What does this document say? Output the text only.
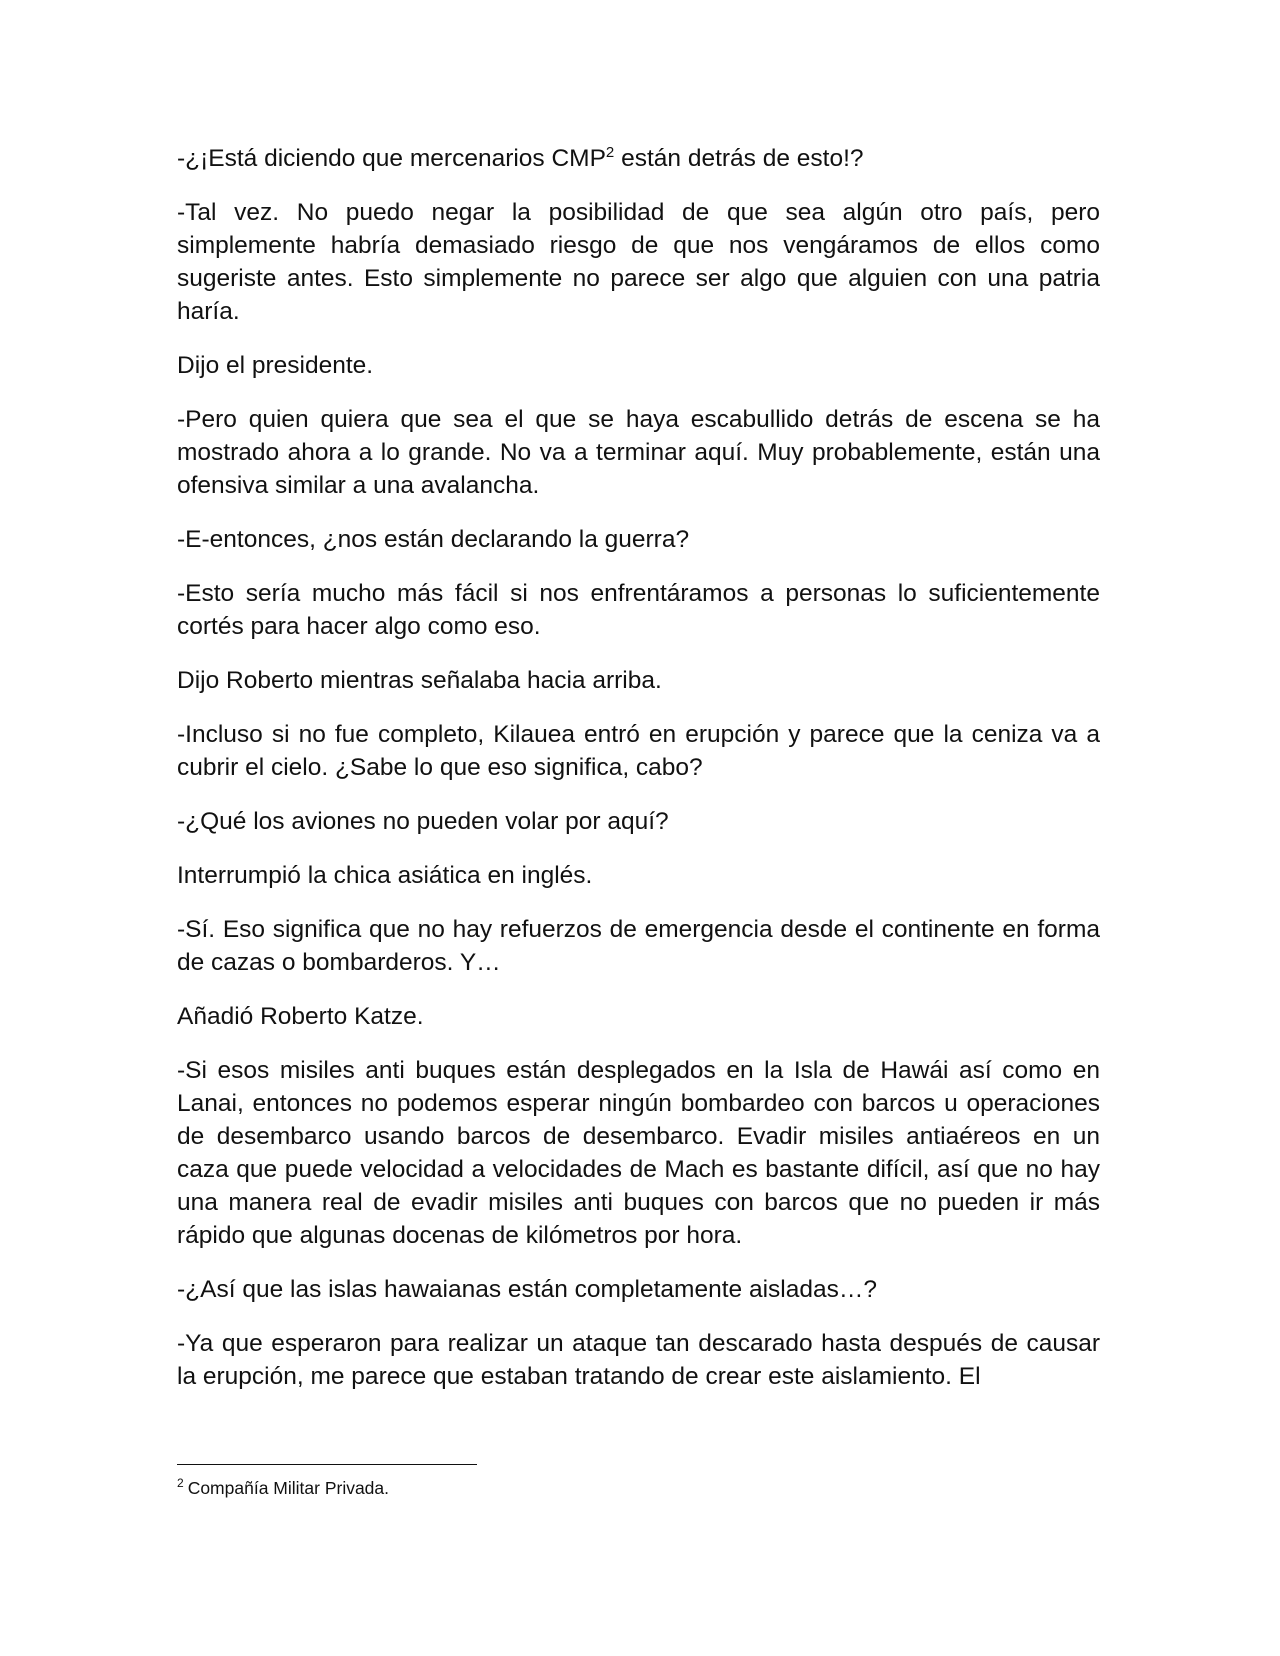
-¿¡Está diciendo que mercenarios CMP$^2$ están detrás de esto!?

-Tal vez. No puedo negar la posibilidad de que sea algún otro país, pero simplemente habría demasiado riesgo de que nos vengáramos de ellos como sugeriste antes. Esto simplemente no parece ser algo que alguien con una patria haría.

Dijo el presidente.

-Pero quien quiera que sea el que se haya escabullido detrás de escena se ha mostrado ahora a lo grande. No va a terminar aquí. Muy probablemente, están una ofensiva similar a una avalancha.

-E-entonces, ¿nos están declarando la guerra?

-Esto sería mucho más fácil si nos enfrentáramos a personas lo suficientemente cortés para hacer algo como eso.

Dijo Roberto mientras señalaba hacia arriba.

-Incluso si no fue completo, Kilauea entró en erupción y parece que la ceniza va a cubrir el cielo. ¿Sabe lo que eso significa, cabo?

-¿Qué los aviones no pueden volar por aquí?

Interrumpió la chica asiática en inglés.

-Sí. Eso significa que no hay refuerzos de emergencia desde el continente en forma de cazas o bombarderos. Y…

Añadió Roberto Katze.

-Si esos misiles anti buques están desplegados en la Isla de Hawái así como en Lanai, entonces no podemos esperar ningún bombardeo con barcos u operaciones de desembarco usando barcos de desembarco. Evadir misiles antiaéreos en un caza que puede velocidad a velocidades de Mach es bastante difícil, así que no hay una manera real de evadir misiles anti buques con barcos que no pueden ir más rápido que algunas docenas de kilómetros por hora.

-¿Así que las islas hawaianas están completamente aisladas…?

-Ya que esperaron para realizar un ataque tan descarado hasta después de causar la erupción, me parece que estaban tratando de crear este aislamiento. El

$^2$ Compañía Militar Privada.
